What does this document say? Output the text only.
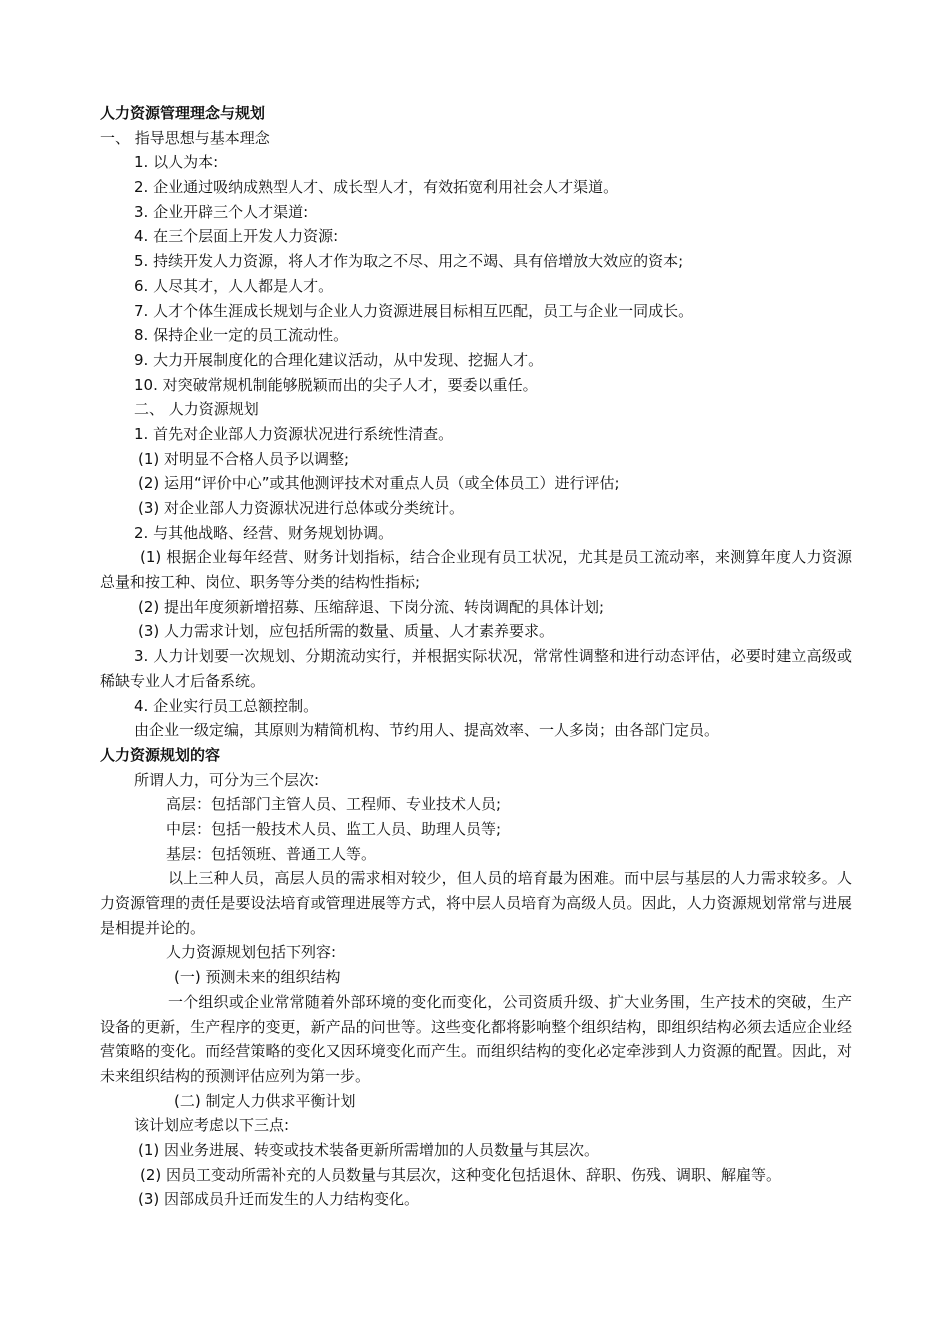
人力资源管理理念与规划
一、 指导思想与基本理念
1. 以人为本:
2. 企业通过吸纳成熟型人才、成长型人才，有效拓宽利用社会人才渠道。
3. 企业开辟三个人才渠道:
4. 在三个层面上开发人力资源:
5. 持续开发人力资源，将人才作为取之不尽、用之不竭、具有倍增放大效应的资本;
6. 人尽其才，人人都是人才。
7. 人才个体生涯成长规划与企业人力资源进展目标相互匹配，员工与企业一同成长。
8. 保持企业一定的员工流动性。
9. 大力开展制度化的合理化建议活动，从中发现、挖掘人才。
10. 对突破常规机制能够脱颖而出的尖子人才，要委以重任。
二、 人力资源规划
1. 首先对企业部人力资源状况进行系统性清查。
(1) 对明显不合格人员予以调整;
(2) 运用“评价中心”或其他测评技术对重点人员（或全体员工）进行评估;
(3) 对企业部人力资源状况进行总体或分类统计。
2. 与其他战略、经营、财务规划协调。
(1) 根据企业每年经营、财务计划指标，结合企业现有员工状况，尤其是员工流动率，来测算年度人力资源总量和按工种、岗位、职务等分类的结构性指标;
(2) 提出年度须新增招募、压缩辞退、下岗分流、转岗调配的具体计划;
(3) 人力需求计划，应包括所需的数量、质量、人才素养要求。
3. 人力计划要一次规划、分期流动实行，并根据实际状况，常常性调整和进行动态评估，必要时建立高级或稀缺专业人才后备系统。
4. 企业实行员工总额控制。
由企业一级定编，其原则为精简机构、节约用人、提高效率、一人多岗；由各部门定员。
人力资源规划的容
所谓人力，可分为三个层次:
高层：包括部门主管人员、工程师、专业技术人员;
中层：包括一般技术人员、监工人员、助理人员等;
基层：包括领班、普通工人等。
以上三种人员，高层人员的需求相对较少，但人员的培育最为困难。而中层与基层的人力需求较多。人力资源管理的责任是要设法培育或管理进展等方式，将中层人员培育为高级人员。因此，人力资源规划常常与进展是相提并论的。
人力资源规划包括下列容:
(一) 预测未来的组织结构
一个组织或企业常常随着外部环境的变化而变化，公司资质升级、扩大业务围，生产技术的突破，生产设备的更新，生产程序的变更，新产品的问世等。这些变化都将影响整个组织结构，即组织结构必须去适应企业经营策略的变化。而经营策略的变化又因环境变化而产生。而组织结构的变化必定牵涉到人力资源的配置。因此，对未来组织结构的预测评估应列为第一步。
(二) 制定人力供求平衡计划
该计划应考虑以下三点:
(1) 因业务进展、转变或技术装备更新所需增加的人员数量与其层次。
(2) 因员工变动所需补充的人员数量与其层次，这种变化包括退休、辞职、伤残、调职、解雇等。
(3) 因部成员升迁而发生的人力结构变化。
